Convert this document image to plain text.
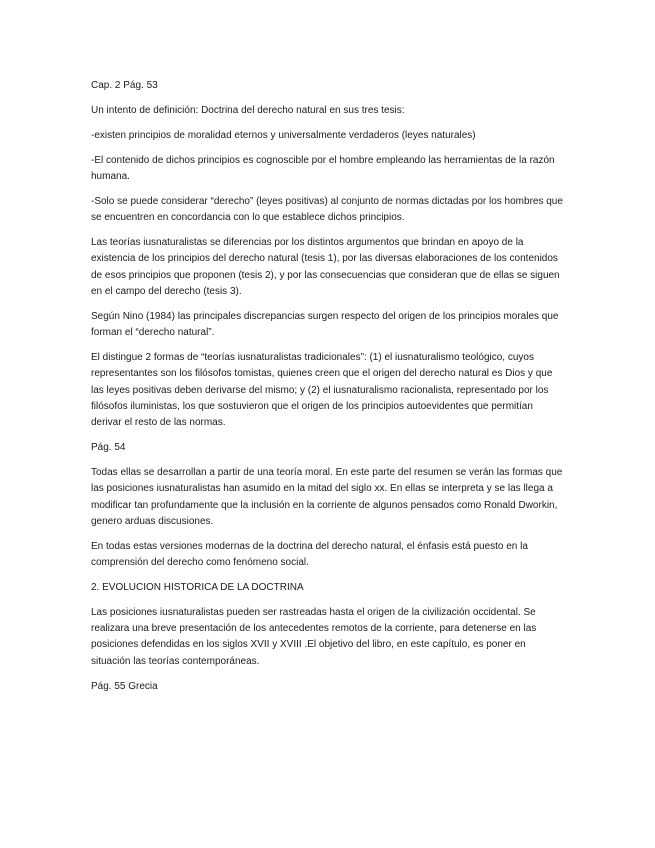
Cap. 2 Pág. 53

Un intento de definición: Doctrina del derecho natural en sus tres tesis:

-existen principios de moralidad eternos y universalmente verdaderos (leyes naturales)

-El contenido de dichos principios es cognoscible por el hombre empleando las herramientas de la razón humana.

-Solo se puede considerar “derecho” (leyes positivas) al conjunto de normas dictadas por los hombres que se encuentren en concordancia con lo que establece dichos principios.

Las teorías iusnaturalistas se diferencias por los distintos argumentos que brindan en apoyo de la existencia de los principios del derecho natural (tesis 1), por las diversas elaboraciones de los contenidos de esos principios que proponen (tesis 2), y por las consecuencias que consideran que de ellas se siguen en el campo del derecho (tesis 3).

Según Nino (1984) las principales discrepancias surgen respecto del origen de los principios morales que forman el “derecho natural”.

El distingue 2 formas de “teorías iusnaturalistas tradicionales”: (1) el iusnaturalismo teológico, cuyos representantes son los filósofos tomistas, quienes creen que el origen del derecho natural es Dios y que las leyes positivas deben derivarse del mismo; y (2) el iusnaturalismo racionalista, representado por los filósofos iluministas, los que sostuvieron que el origen de los principios autoevidentes que permitían derivar el resto de las normas.

Pág. 54

Todas ellas se desarrollan a partir de una teoría moral. En este parte del resumen se verán las formas que las posiciones iusnaturalistas han asumido en la mitad del siglo xx. En ellas se interpreta y se las llega a modificar tan profundamente que la inclusión en la corriente de algunos pensados como Ronald Dworkin, genero arduas discusiones.

En todas estas versiones modernas de la doctrina del derecho natural, el énfasis está puesto en la comprensión del derecho como fenómeno social.

2. EVOLUCION HISTORICA DE LA DOCTRINA

Las posiciones iusnaturalistas pueden ser rastreadas hasta el origen de la civilización occidental. Se realizara una breve presentación de los antecedentes remotos de la corriente, para detenerse en las posiciones defendidas en los siglos XVII y XVIII .El objetivo del libro, en este capítulo, es poner en situación las teorías contemporáneas.

Pág. 55 Grecia
